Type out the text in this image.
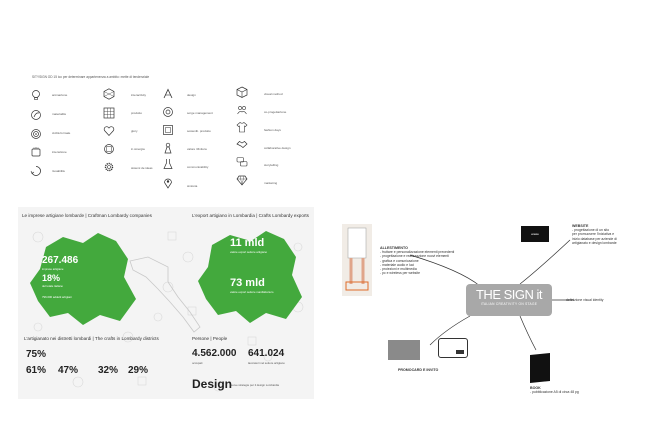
SITYSIGN OD 15 ico per determinare appartenenza a ambito: mette di tendenziale
animazione
materialità
civiltà formale
interazione
riusabilità
interactivity
prodotto
glory
in sinergia
sistemi de ideas
design
sorge management
sostenib. prodotto
valore rifinitura
communicability
sintonia
visual method
co-progettazione
fashion days
collaborative design
storytelling
marketing
Le imprese artigiane lombarde | Craftman Lombardy companies	L'export artigiano in Lombardia | Crafts Lombardy exports
267.486
imprese artigiane
18%
del totale italiano
796.000 addetti artigiani
11 mld
valore export settore artigiano
73 mld
valore export settore manifatturiero
L'artigianato nei distretti lombardi | The crafts in Lombardy districts	Persone | People
75%
61% 47% 32% 29%
4.562.000
occupati
641.024
lavoratori nel settore artigiano
Design
nuove strategie per il design Lombardia
ALLESTIMENTO
- fruttare e personalizzazione elementi precedenti
- progettazione e realizzazione nuovi elementi
- grafica e comunicazione
- materiale audio e luci
- proiezioni e multimedia
- pc e wireless per website
waaw
WEBSITE
- progettazione di un sito
per promuovere l'iniziativa e
inizio database per aziende di
artigianato e design lombarde
THE SIGN it
ITALIAN CREATIVITY ON STAGE
definizione visual identity
PROMOCARD E INVITO
BOOK
- pubblicazione A5 di circa 48 pg
